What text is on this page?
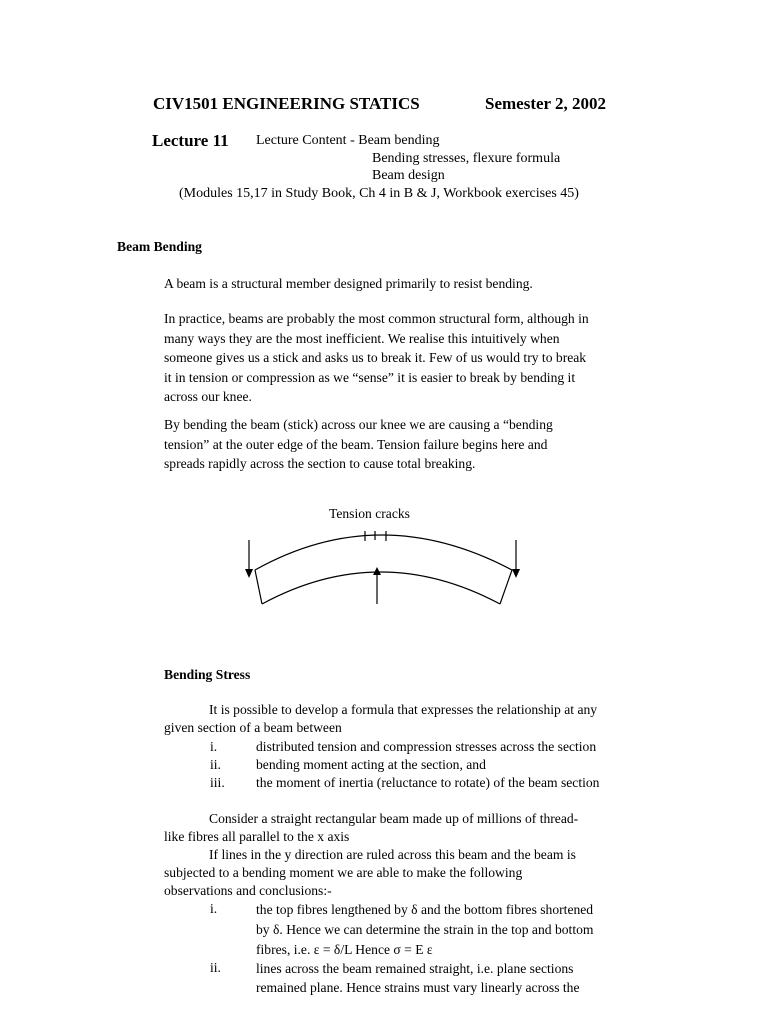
CIV1501 ENGINEERING STATICS	Semester 2, 2002
Lecture 11 Lecture Content - Beam bending
Bending stresses, flexure formula
Beam design
(Modules 15,17 in Study Book, Ch 4 in B & J, Workbook exercises 45)
Beam Bending
A beam is a structural member designed primarily to resist bending.
In practice, beams are probably the most common structural form, although in
many ways they are the most inefficient. We realise this intuitively when
someone gives us a stick and asks us to break it. Few of us would try to break
it in tension or compression as we “sense” it is easier to break by bending it
across our knee.
By bending the beam (stick) across our knee we are causing a “bending
tension” at the outer edge of the beam. Tension failure begins here and
spreads rapidly across the section to cause total breaking.
Tension cracks
Bending Stress
It is possible to develop a formula that expresses the relationship at any
given section of a beam between
i.	distributed tension and compression stresses across the section
ii.	bending moment acting at the section, and
iii. the moment of inertia (reluctance to rotate) of the beam section
Consider a straight rectangular beam made up of millions of thread-
like fibres all parallel to the x axis
If lines in the y direction are ruled across this beam and the beam is
subjected to a bending moment we are able to make the following
observations and conclusions:-
i.	the top fibres lengthened by δ and the bottom fibres shortened
by δ. Hence we can determine the strain in the top and bottom
fibres, i.e. ε = δ/L Hence σ = E ε
ii.	lines across the beam remained straight, i.e. plane sections
remained plane. Hence strains must vary linearly across the
